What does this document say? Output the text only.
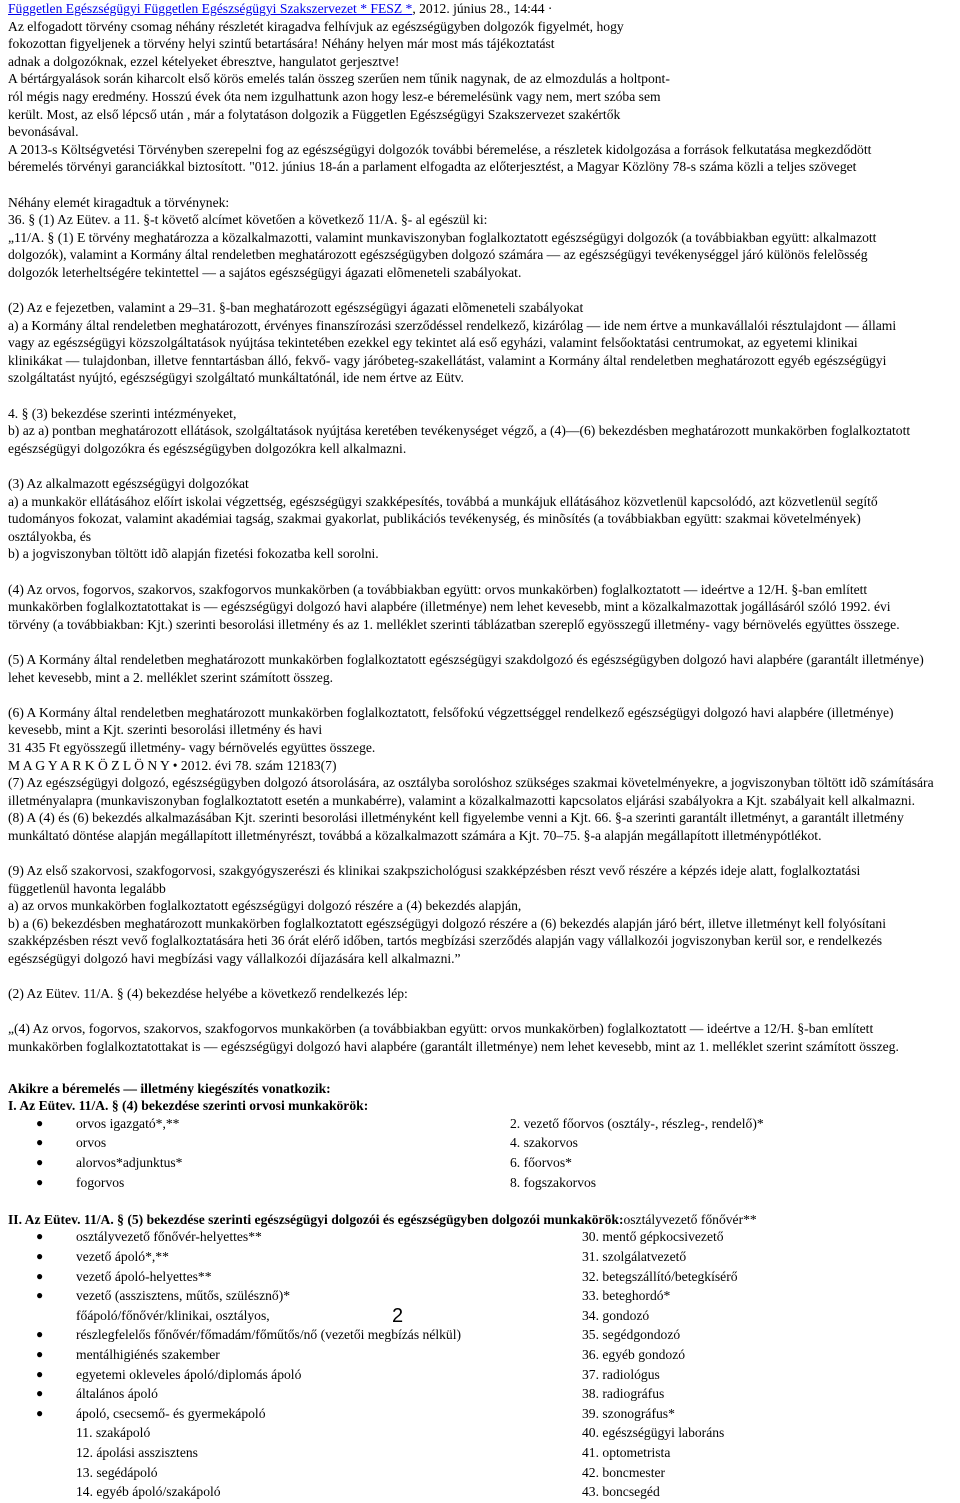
Független Egészségügyi Független Egészségügyi Szakszervezet * FESZ *, 2012. június 28., 14:44 ·
Az elfogadott törvény csomag néhány részletét kiragadva felhívjuk az egészségügyben dolgozók figyelmét, hogy
fokozottan figyeljenek a törvény helyi szintű betartására! Néhány helyen már most más tájékoztatást
adnak a dolgozóknak, ezzel kételyeket ébresztve, hangulatot gerjesztve!
A bértárgyalások során kiharcolt első körös emelés talán összeg szerűen nem tűnik nagynak, de az elmozdulás a holtpont-
ról mégis nagy eredmény. Hosszú évek óta nem izgulhattunk azon hogy lesz-e béremelésünk vagy nem, mert szóba sem
került. Most, az első lépcső után , már a folytatáson dolgozik a Független Egészségügyi Szakszervezet szakértők
bevonásával.
A 2013-s Költségvetési Törvényben szerepelni fog az egészségügyi dolgozók további béremelése, a részletek kidolgozása a források felkutatása megkezdődött
béremelés törvényi garanciákkal biztosított. "012. június 18-án a parlament elfogadta az előterjesztést, a Magyar Közlöny 78-s száma közli a teljes szöveget
Néhány elemét kiragadtuk a törvénynek:
36. § (1) Az Eütev. a 11. §-t követő alcímet követően a következő 11/A. §- al egészül ki:
„11/A. § (1) E törvény meghatározza a közalkalmazotti, valamint munkaviszonyban foglalkoztatott egészségügyi dolgozók (a továbbiakban együtt: alkalmazott
dolgozók), valamint a Kormány által rendeletben meghatározott egészségügyben dolgozó számára — az egészségügyi tevékenységgel járó különös felelõsség
dolgozók leterheltségére tekintettel — a sajátos egészségügyi ágazati elõmeneteli szabályokat.
(2) Az e fejezetben, valamint a 29–31. §-ban meghatározott egészségügyi ágazati elõmeneteli szabályokat
a) a Kormány által rendeletben meghatározott, érvényes finanszírozási szerződéssel rendelkező, kizárólag — ide nem értve a munkavállalói résztulajdont — állami
vagy az egészségügyi közszolgáltatások nyújtása tekintetében ezekkel egy tekintet alá eső egyházi, valamint felsőoktatási centrumokat, az egyetemi klinikai
klinikákat — tulajdonban, illetve fenntartásban álló, fekvő- vagy járóbeteg-szakellátást, valamint a Kormány által rendeletben meghatározott egyéb egészségügyi
szolgáltatást nyújtó, egészségügyi szolgáltató munkáltatónál, ide nem értve az Eütv.
4. § (3) bekezdése szerinti intézményeket,
b) az a) pontban meghatározott ellátások, szolgáltatások nyújtása keretében tevékenységet végző, a (4)—(6) bekezdésben meghatározott munkakörben foglalkoztatott
egészségügyi dolgozókra és egészségügyben dolgozókra kell alkalmazni.
(3) Az alkalmazott egészségügyi dolgozókat
a) a munkakör ellátásához előírt iskolai végzettség, egészségügyi szakképesítés, továbbá a munkájuk ellátásához közvetlenül kapcsolódó, azt közvetlenül segítő
tudományos fokozat, valamint akadémiai tagság, szakmai gyakorlat, publikációs tevékenység, és minõsítés (a továbbiakban együtt: szakmai követelmények)
osztályokba, és
b) a jogviszonyban töltött idõ alapján fizetési fokozatba kell sorolni.
(4) Az orvos, fogorvos, szakorvos, szakfogorvos munkakörben (a továbbiakban együtt: orvos munkakörben) foglalkoztatott — ideértve a 12/H. §-ban említett
munkakörben foglalkoztatottakat is — egészségügyi dolgozó havi alapbére (illetménye) nem lehet kevesebb, mint a közalkalmazottak jogállásáról szóló 1992. évi
törvény (a továbbiakban: Kjt.) szerinti besorolási illetmény és az 1. melléklet szerinti táblázatban szereplő egyösszegű illetmény- vagy bérnövelés együttes összege.
(5) A Kormány által rendeletben meghatározott munkakörben foglalkoztatott egészségügyi szakdolgozó és egészségügyben dolgozó havi alapbére (garantált illetménye)
lehet kevesebb, mint a 2. melléklet szerint számított összeg.
(6) A Kormány által rendeletben meghatározott munkakörben foglalkoztatott, felsőfokú végzettséggel rendelkező egészségügyi dolgozó havi alapbére (illetménye)
kevesebb, mint a Kjt. szerinti besorolási illetmény és havi
31 435 Ft egyösszegű illetmény- vagy bérnövelés együttes összege.
M A G Y A R K Ö Z L Ö N Y • 2012. évi 78. szám 12183(7)
(7) Az egészségügyi dolgozó, egészségügyben dolgozó átsorolására, az osztályba sorolóshoz szükséges szakmai követelményekre, a jogviszonyban töltött idõ számítására
illetményalapra (munkaviszonyban foglalkoztatott esetén a munkabérre), valamint a közalkalmazotti kapcsolatos eljárási szabályokra a Kjt. szabályait kell alkalmazni.
(8) A (4) és (6) bekezdés alkalmazásában Kjt. szerinti besorolási illetményként kell figyelembe venni a Kjt. 66. §-a szerinti garantált illetményt, a garantált illetmény
munkáltató döntése alapján megállapított illetményrészt, továbbá a közalkalmazott számára a Kjt. 70–75. §-a alapján megállapított illetménypótlékot.
(9) Az első szakorvosi, szakfogorvosi, szakgyógyszerészi és klinikai szakpszichológusi szakképzésben részt vevő részére a képzés ideje alatt, foglalkoztatási
függetlenül havonta legalább
a) az orvos munkakörben foglalkoztatott egészségügyi dolgozó részére a (4) bekezdés alapján,
b) a (6) bekezdésben meghatározott munkakörben foglalkoztatott egészségügyi dolgozó részére a (6) bekezdés alapján járó bért, illetve illetményt kell folyósítani
szakképzésben részt vevő foglalkoztatására heti 36 órát elérő időben, tartós megbízási szerződés alapján vagy vállalkozói jogviszonyban kerül sor, e rendelkezés
egészségügyi dolgozó havi megbízási vagy vállalkozói díjazására kell alkalmazni.”
(2) Az Eütev. 11/A. § (4) bekezdése helyébe a következő rendelkezés lép:
„(4) Az orvos, fogorvos, szakorvos, szakfogorvos munkakörben (a továbbiakban együtt: orvos munkakörben) foglalkoztatott — ideértve a 12/H. §-ban említett
munkakörben foglalkoztatottakat is — egészségügyi dolgozó havi alapbére (garantált illetménye) nem lehet kevesebb, mint az 1. melléklet szerint számított összeg.
Akikre a béremelés — illetmény kiegészítés vonatkozik:
I. Az Eütev. 11/A. § (4) bekezdése szerinti orvosi munkakörök:
● orvos igazgató*,**	2. vezető főorvos (osztály-, részleg-, rendelő)*
● orvos	4. szakorvos
● alorvos*adjunktus*	6. főorvos*
● fogorvos	8. fogszakorvos
II. Az Eütev. 11/A. § (5) bekezdése szerinti egészségügyi dolgozói és egészségügyben dolgozói munkakörök:osztályvezető főnővér**
● osztályvezető főnővér-helyettes**	30. mentő gépkocsivezető
● vezető ápoló*,**	31. szolgálatvezető
● vezető ápoló-helyettes**	32. betegszállító/betegkísérő
● vezető (asszisztens, műtős, szülésznő)*	33. beteghordó*
főápoló/főnővér/klinikai, osztályos,	34. gondozó
● részlegfelelős főnővér/főmadám/főműtős/nő (vezetői megbízás nélkül)	35. segédgondozó
● mentálhigiénés szakember	36. egyéb gondozó
● egyetemi okleveles ápoló/diplomás ápoló	37. radiológus
● általános ápoló	38. radiográfus
● ápoló, csecsemő- és gyermekápoló	39. szonográfus*
11. szakápoló	40. egészségügyi laboráns
12. ápolási asszisztens	41. optometrista
13. segédápoló	42. boncmester
14. egyéb ápoló/szakápoló	43. boncsegéd
2
